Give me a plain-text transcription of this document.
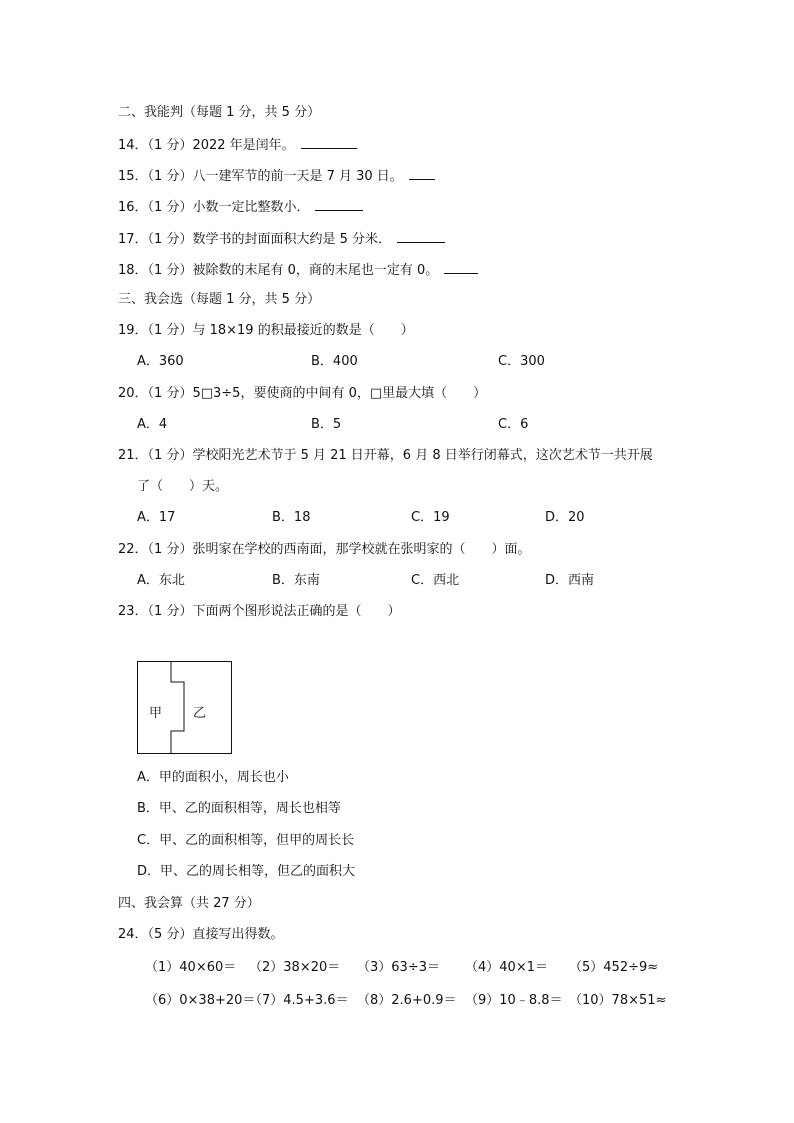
二、我能判（每题 1 分，共 5 分）
14．（1 分）2022 年是闰年。
15．（1 分）八一建军节的前一天是 7 月 30 日。
16．（1 分）小数一定比整数小．
17．（1 分）数学书的封面面积大约是 5 分米．
18．（1 分）被除数的末尾有 0，商的末尾也一定有 0。
三、我会选（每题 1 分，共 5 分）
19．（1 分）与 18×19 的积最接近的数是（　　）
A．360	B．400	C．300
20．（1 分）5□3÷5，要使商的中间有 0，□里最大填（　　）
A．4	B．5	C．6
21．（1 分）学校阳光艺术节于 5 月 21 日开幕，6 月 8 日举行闭幕式，这次艺术节一共开展
了（　　）天。
A．17	B．18	C．19	D．20
22．（1 分）张明家在学校的西南面，那学校就在张明家的（　　）面。
A．东北	B．东南	C．西北	D．西南
23．（1 分）下面两个图形说法正确的是（　　）
甲 乙
A．甲的面积小，周长也小
B．甲、乙的面积相等，周长也相等
C．甲、乙的面积相等，但甲的周长长
D．甲、乙的周长相等，但乙的面积大
四、我会算（共 27 分）
24．（5 分）直接写出得数。
（1）40×60＝ （2）38×20＝ （3）63÷3＝ （4）40×1＝ （5）452÷9≈
（6）0×38+20＝
（7）4.5+3.6＝ （8）2.6+0.9＝ （9）10﹣8.8＝ （10）78×51≈
